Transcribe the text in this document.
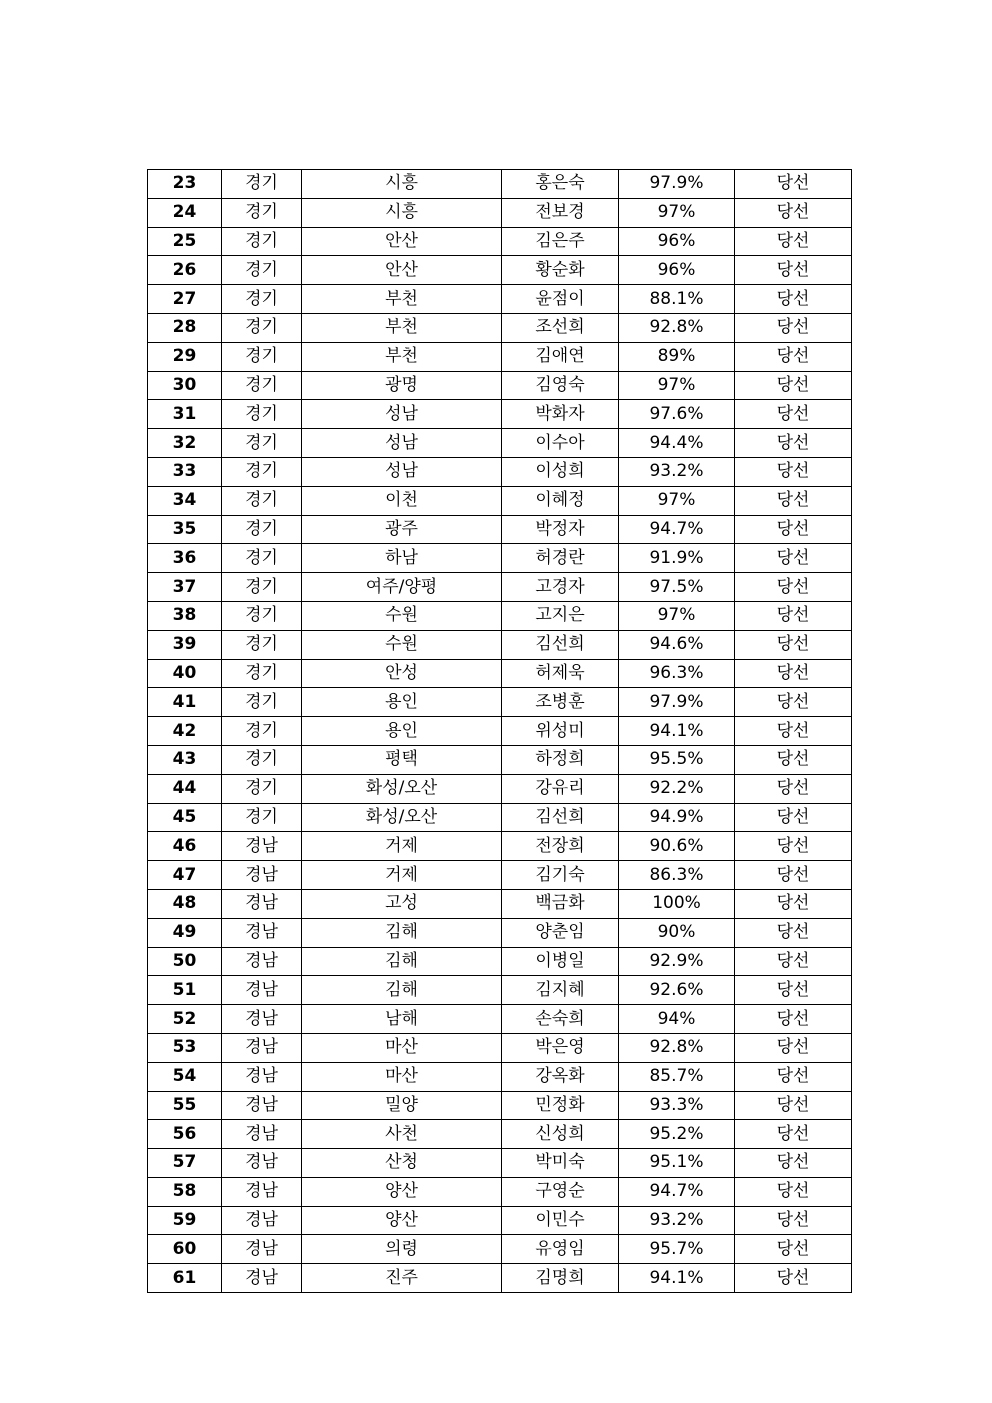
23	경기	시흥	홍은숙	97.9%	당선
24	경기	시흥	전보경	97%	당선
25	경기	안산	김은주	96%	당선
26	경기	안산	황순화	96%	당선
27	경기	부천	윤점이	88.1%	당선
28	경기	부천	조선희	92.8%	당선
29	경기	부천	김애연	89%	당선
30	경기	광명	김영숙	97%	당선
31	경기	성남	박화자	97.6%	당선
32	경기	성남	이수아	94.4%	당선
33	경기	성남	이성희	93.2%	당선
34	경기	이천	이혜정	97%	당선
35	경기	광주	박정자	94.7%	당선
36	경기	하남	허경란	91.9%	당선
37	경기	여주/양평	고경자	97.5%	당선
38	경기	수원	고지은	97%	당선
39	경기	수원	김선희	94.6%	당선
40	경기	안성	허제욱	96.3%	당선
41	경기	용인	조병훈	97.9%	당선
42	경기	용인	위성미	94.1%	당선
43	경기	평택	하정희	95.5%	당선
44	경기	화성/오산	강유리	92.2%	당선
45	경기	화성/오산	김선희	94.9%	당선
46	경남	거제	전장희	90.6%	당선
47	경남	거제	김기숙	86.3%	당선
48	경남	고성	백금화	100%	당선
49	경남	김해	양춘임	90%	당선
50	경남	김해	이병일	92.9%	당선
51	경남	김해	김지혜	92.6%	당선
52	경남	남해	손숙희	94%	당선
53	경남	마산	박은영	92.8%	당선
54	경남	마산	강옥화	85.7%	당선
55	경남	밀양	민정화	93.3%	당선
56	경남	사천	신성희	95.2%	당선
57	경남	산청	박미숙	95.1%	당선
58	경남	양산	구영순	94.7%	당선
59	경남	양산	이민수	93.2%	당선
60	경남	의령	유영임	95.7%	당선
61	경남	진주	김명희	94.1%	당선
